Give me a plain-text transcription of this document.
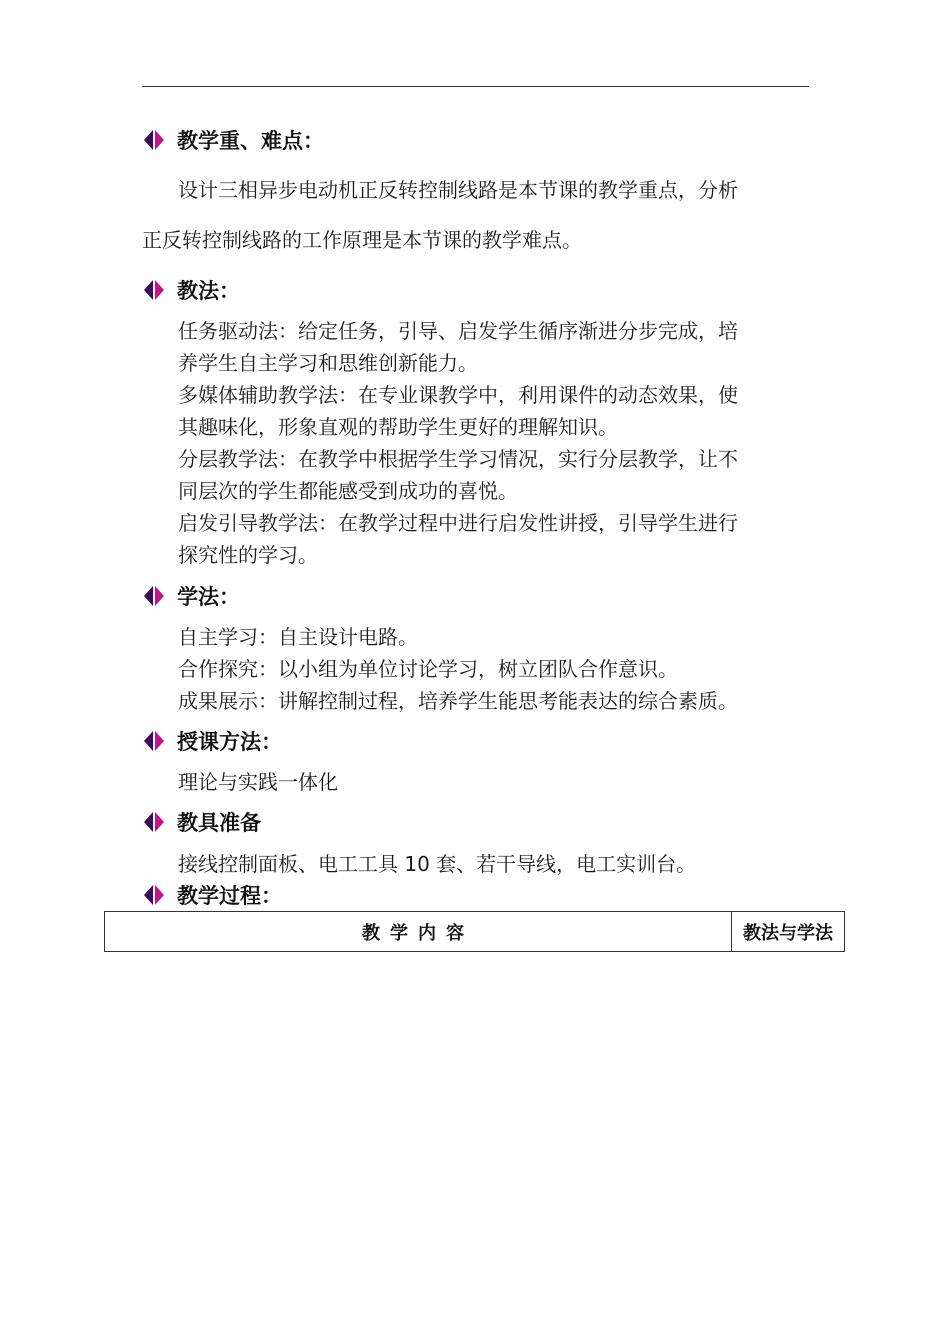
教学重、难点：
设计三相异步电动机正反转控制线路是本节课的教学重点，分析
正反转控制线路的工作原理是本节课的教学难点。
教法：
任务驱动法：给定任务，引导、启发学生循序渐进分步完成，培
养学生自主学习和思维创新能力。
多媒体辅助教学法：在专业课教学中，利用课件的动态效果，使
其趣味化，形象直观的帮助学生更好的理解知识。
分层教学法：在教学中根据学生学习情况，实行分层教学，让不
同层次的学生都能感受到成功的喜悦。
启发引导教学法：在教学过程中进行启发性讲授，引导学生进行
探究性的学习。
学法：
自主学习：自主设计电路。
合作探究：以小组为单位讨论学习，树立团队合作意识。
成果展示：讲解控制过程，培养学生能思考能表达的综合素质。
授课方法：
理论与实践一体化
教具准备
接线控制面板、电工工具 10 套、若干导线，电工实训台。
教学过程：
教学内容	教法与学法
